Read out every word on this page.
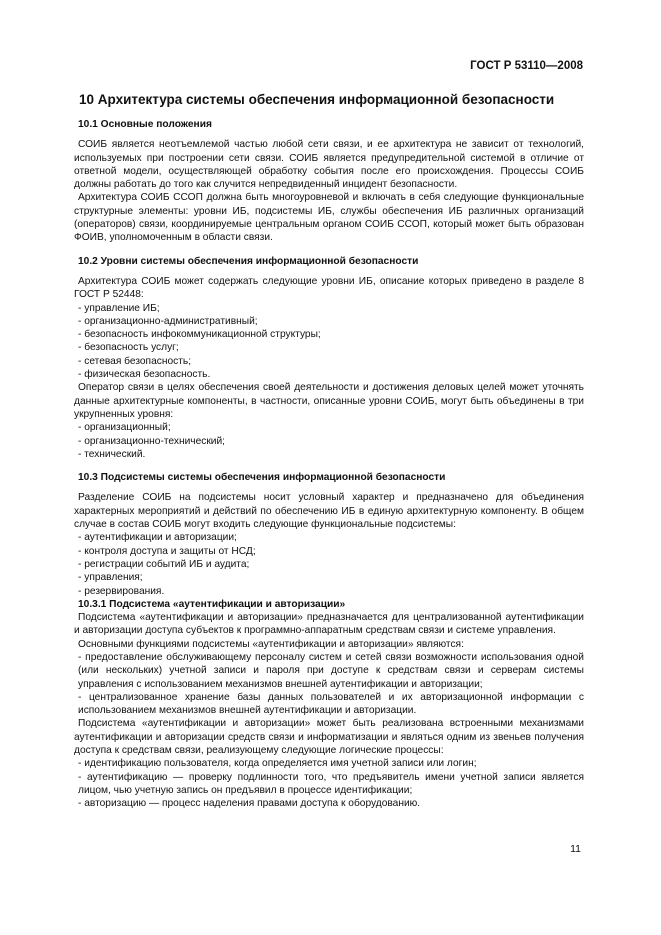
ГОСТ Р 53110—2008
10 Архитектура системы обеспечения информационной безопасности
10.1 Основные положения

СОИБ является неотъемлемой частью любой сети связи, и ее архитектура не зависит от технологий, используемых при построении сети связи. СОИБ является предупредительной системой в отличие от ответной модели, осуществляющей обработку события после его происхождения. Процессы СОИБ должны работать до того как случится непредвиденный инцидент безопасности.

Архитектура СОИБ ССОП должна быть многоуровневой и включать в себя следующие функциональные структурные элементы: уровни ИБ, подсистемы ИБ, службы обеспечения ИБ различных организаций (операторов) связи, координируемые центральным органом СОИБ ССОП, который может быть образован ФОИВ, уполномоченным в области связи.

10.2 Уровни системы обеспечения информационной безопасности

Архитектура СОИБ может содержать следующие уровни ИБ, описание которых приведено в разделе 8 ГОСТ Р 52448:

- управление ИБ;
- организационно-административный;
- безопасность инфокоммуникационной структуры;
- безопасность услуг;
- сетевая безопасность;
- физическая безопасность.

Оператор связи в целях обеспечения своей деятельности и достижения деловых целей может уточнять данные архитектурные компоненты, в частности, описанные уровни СОИБ, могут быть объединены в три укрупненных уровня:

- организационный;
- организационно-технический;
- технический.
10.3 Подсистемы системы обеспечения информационной безопасности

Разделение СОИБ на подсистемы носит условный характер и предназначено для объединения характерных мероприятий и действий по обеспечению ИБ в единую архитектурную компоненту. В общем случае в состав СОИБ могут входить следующие функциональные подсистемы:

- аутентификации и авторизации;
- контроля доступа и защиты от НСД;
- регистрации событий ИБ и аудита;
- управления;
- резервирования.
10.3.1 Подсистема «аутентификации и авторизации»

Подсистема «аутентификации и авторизации» предназначается для централизованной аутентификации и авторизации доступа субъектов к программно-аппаратным средствам связи и системе управления.

Основными функциями подсистемы «аутентификации и авторизации» являются:

- предоставление обслуживающему персоналу систем и сетей связи возможности использования одной (или нескольких) учетной записи и пароля при доступе к средствам связи и серверам системы управления с использованием механизмов внешней аутентификации и авторизации;
- централизованное хранение базы данных пользователей и их авторизационной информации с использованием механизмов внешней аутентификации и авторизации.

Подсистема «аутентификации и авторизации» может быть реализована встроенными механизмами аутентификации и авторизации средств связи и информатизации и являться одним из звеньев получения доступа к средствам связи, реализующему следующие логические процессы:

- идентификацию пользователя, когда определяется имя учетной записи или логин;
- аутентификацию — проверку подлинности того, что предъявитель имени учетной записи является лицом, чью учетную запись он предъявил в процессе идентификации;
- авторизацию — процесс наделения правами доступа к оборудованию.
11
